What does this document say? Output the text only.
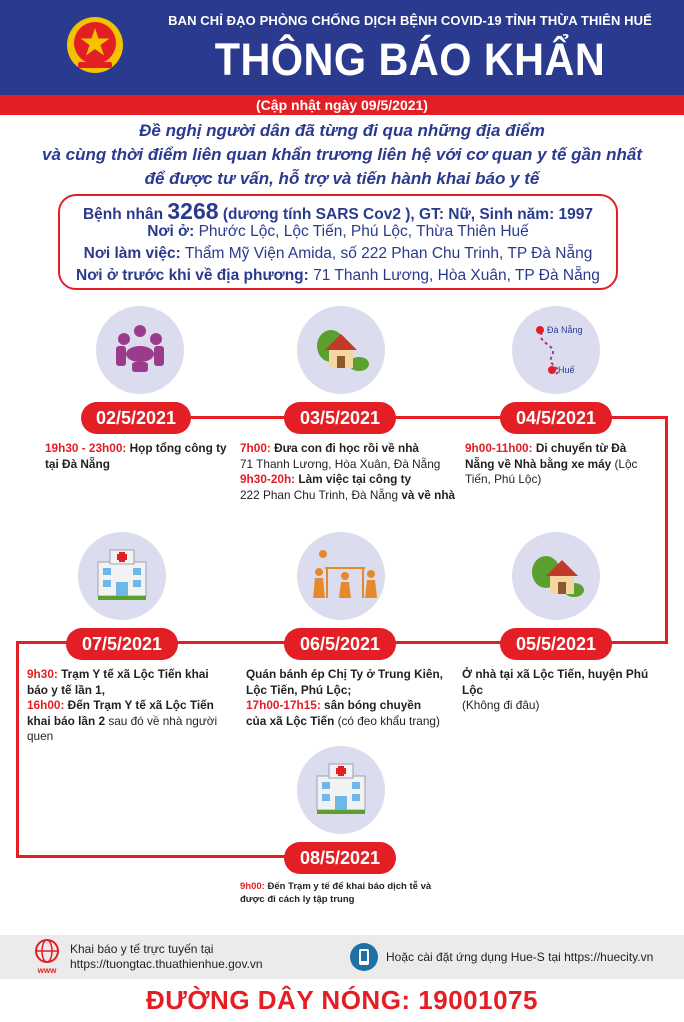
BAN CHỈ ĐẠO PHÒNG CHỐNG DỊCH BỆNH COVID-19 TỈNH THỪA THIÊN HUẾ
THÔNG BÁO KHẨN
(Cập nhật ngày 09/5/2021)
Đề nghị người dân đã từng đi qua những địa điểm
và cùng thời điểm liên quan khẩn trương liên hệ với cơ quan y tế gần nhất
để được tư vấn, hỗ trợ và tiến hành khai báo y tế
Bệnh nhân 3268 (dương tính SARS Cov2 ), GT: Nữ, Sinh năm: 1997
Nơi ở: Phước Lộc, Lộc Tiến, Phú Lộc, Thừa Thiên Huế
Nơi làm việc: Thẩm Mỹ Viện Amida, số 222 Phan Chu Trinh, TP Đà Nẵng
Nơi ở trước khi về địa phương: 71 Thanh Lương, Hòa Xuân, TP Đà Nẵng
Đà Nẵng
Huế
02/5/2021	03/5/2021	04/5/2021
19h30 - 23h00: Họp tổng công ty
tại Đà Nẵng
7h00: Đưa con đi học rồi về nhà
71 Thanh Lương, Hòa Xuân, Đà Nẵng
9h30-20h: Làm việc tại công ty
222 Phan Chu Trinh, Đà Nẵng và về nhà
9h00-11h00: Di chuyển từ Đà
Nẵng về Nhà bằng xe máy (Lộc
Tiến, Phú Lộc)
07/5/2021	06/5/2021	05/5/2021
9h30: Trạm Y tế xã Lộc Tiến khai
báo y tế lần 1,
16h00: Đến Trạm Y tế xã Lộc Tiến
khai báo lần 2 sau đó về nhà người
quen
Quán bánh ép Chị Ty ở Trung Kiên,
Lộc Tiến, Phú Lộc;
17h00-17h15: sân bóng chuyền
của xã Lộc Tiến (có đeo khẩu trang)
Ở nhà tại xã Lộc Tiến, huyện Phú Lộc
(Không đi đâu)
08/5/2021
9h00: Đến Trạm y tế để khai báo dịch tễ và
được đi cách ly tập trung
www
Khai báo y tế trực tuyến tại
https://tuongtac.thuathienhue.gov.vn	Hoặc cài đặt ứng dụng Hue-S tại https://huecity.vn
ĐƯỜNG DÂY NÓNG: 19001075
